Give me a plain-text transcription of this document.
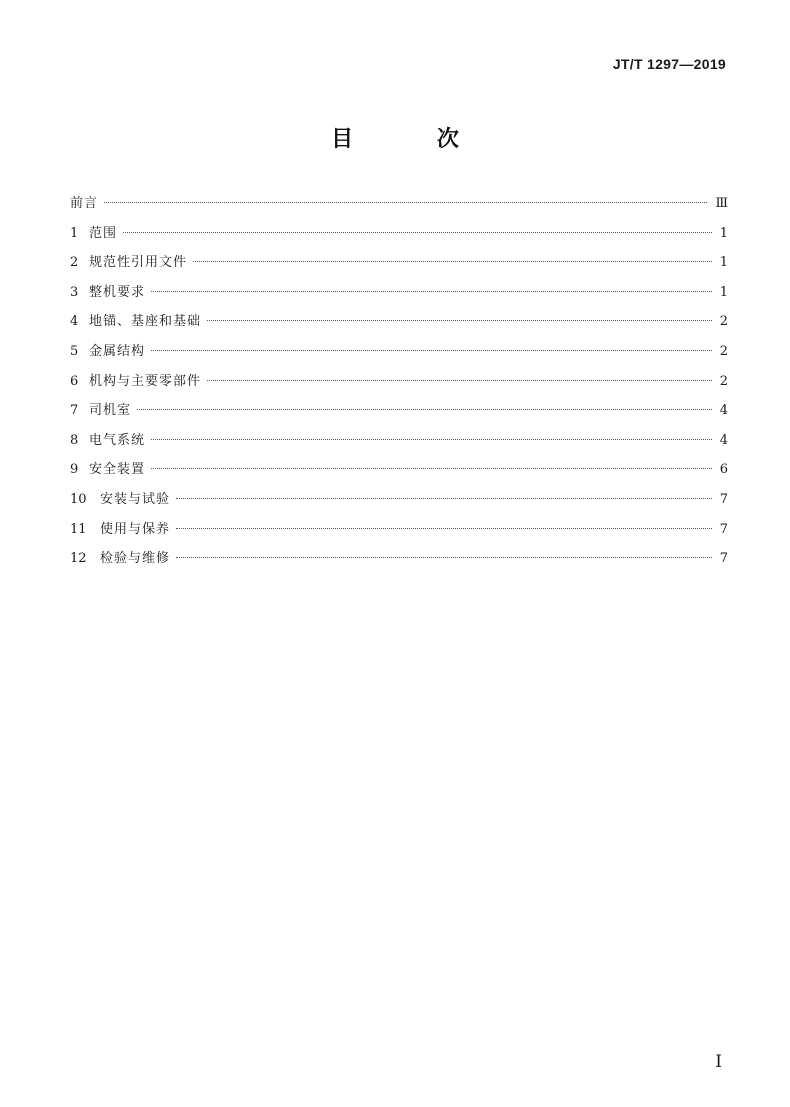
JT/T 1297—2019
目 次
前言	Ⅲ
1 范围	1
2 规范性引用文件	1
3 整机要求	1
4 地锚、基座和基础	2
5 金属结构	2
6 机构与主要零部件	2
7 司机室	4
8 电气系统	4
9 安全装置	6
10	安装与试验	7
11	使用与保养	7
12	检验与维修	7
I
